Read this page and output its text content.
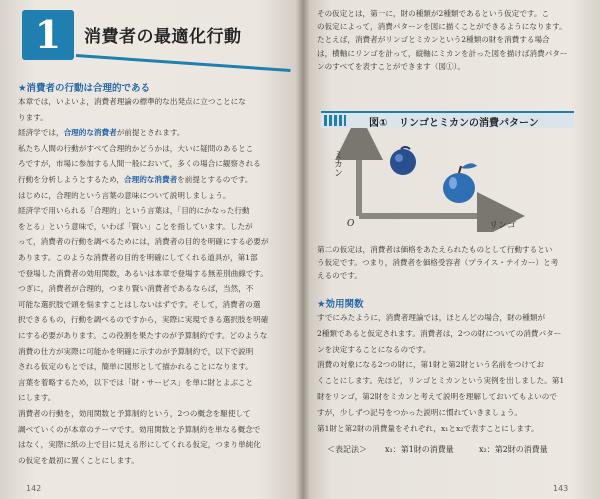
1	消費者の最適化行動
★消費者の行動は合理的である
本章では，いよいよ，消費者理論の標準的な出発点に立つことにな
ります。
経済学では，合理的な消費者が前提とされます。
私たち人間の行動がすべて合理的かどうかは，大いに疑問のあるとこ
ろですが，市場に参加する人間一般において，多くの場合に観察される
行動を分析しようとするため，合理的な消費者を前提とするのです。
はじめに，合理的という言葉の意味について説明しましょう。
経済学で用いられる「合理的」という言葉は，「目的にかなった行動
をとる」という意味で，いわば「賢い」ことを指しています。したが
って，消費者の行動を調べるためには，消費者の目的を明確にする必要が
あります。このような消費者の目的を明確にしてくれる道具が，第1部
で登場した消費者の効用関数，あるいは本章で登場する無差別曲線です。
つぎに，消費者が合理的，つまり賢い消費者であるならば，当然，不
可能な選択肢で頭を悩ますことはしないはずです。そして，消費者の選
択できるもの，行動を調べるのですから，実際に実現できる選択肢を明確
にする必要があります。この役割を果たすのが予算制約です。どのような
消費の仕方が実際に可能かを明確に示すのが予算制約で，以下で説明
される仮定のもとでは，簡単に図形として描かれることになります。
言葉を着略するため，以下では「財・サービス」を単に財とよぶこと
にします。
消費者の行動を，効用関数と予算制約という，2つの概念を駆使して
調べていくのが本章のテーマです。効用関数と予算制約を単なる概念で
はなく，実際に紙の上で目に見える形にしてくれる仮定，つまり単純化
の仮定を最初に置くことにします。
142
その仮定とは，第一に，財の種類が2種類であるという仮定です。こ
の仮定によって，消費パターンを図に描くことができるようになります。
たとえば，消費者がリンゴとミカンという2種類の財を消費する場合
は，横軸にリンゴを計って，縦軸にミカンを計った図を描けば消費パター
ンのすべてを表すことができます（図①）。
図① リンゴとミカンの消費パターン
ミカン
リンゴ
O
第二の仮定は，消費者は価格をあたえられたものとして行動するとい
う仮定です。つまり，消費者を価格受容者（プライス・テイカー）と考
えるのです。
★効用関数
すでにみたように，消費者理論では，ほとんどの場合，財の種類が
2種類であると仮定されます。消費者は，2つの財についての消費パター
ンを決定することになるのです。
消費の対象になる2つの財に，第1財と第2財という名前をつけてお
くことにします。先ほど，リンゴとミカンという実例を出しました。第1
財をリンゴ，第2財をミカンと考えて説明を理解しておいてもよいので
すが，少しずつ記号をつかった説明に慣れていきましょう。
第1財と第2財の消費量をそれぞれ，x₁とx₂で表すことにします。
＜表記法＞ x₁：第1財の消費量	x₂：第2財の消費量
143
